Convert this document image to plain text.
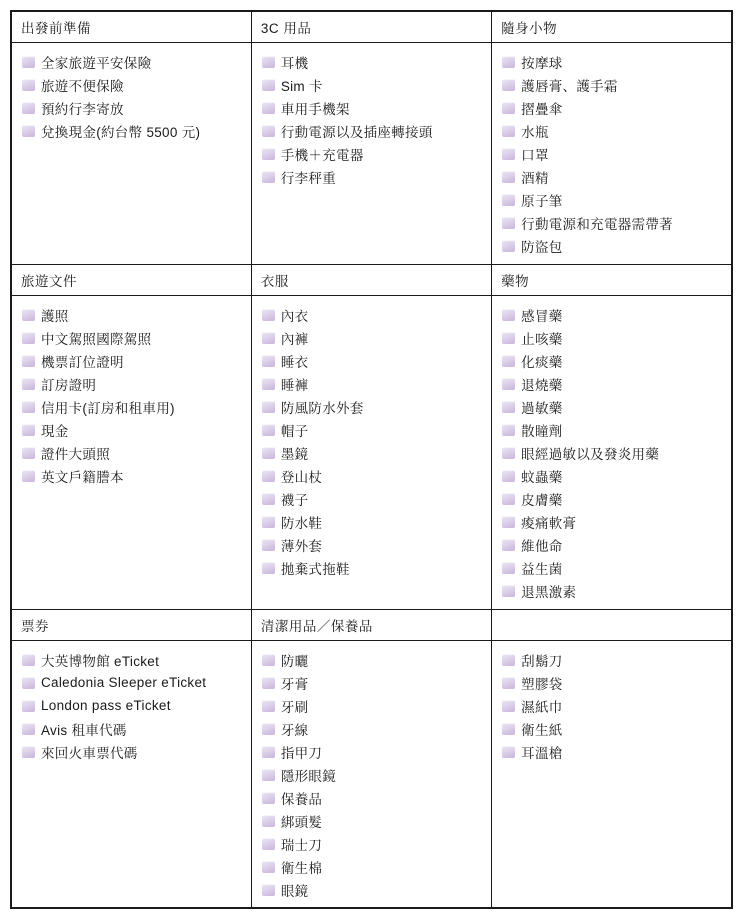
出發前準備	3C 用品	隨身小物

全家旅遊平安保險
旅遊不便保險
預約行李寄放
兌換現金(約台幣 5500 元)

耳機
Sim 卡
車用手機架
行動電源以及插座轉接頭
手機＋充電器
行李秤重

按摩球
護唇膏、護手霜
摺疊傘
水瓶
口罩
酒精
原子筆
行動電源和充電器需帶著
防盜包

旅遊文件	衣服	藥物

護照
中文駕照國際駕照
機票訂位證明
訂房證明
信用卡(訂房和租車用)
現金
證件大頭照
英文戶籍謄本

內衣
內褲
睡衣
睡褲
防風防水外套
帽子
墨鏡
登山杖
襪子
防水鞋
薄外套
拋棄式拖鞋

感冒藥
止咳藥
化痰藥
退燒藥
過敏藥
散瞳劑
眼經過敏以及發炎用藥
蚊蟲藥
皮膚藥
痠痛軟膏
維他命
益生菌
退黑激素

票券	清潔用品／保養品	

大英博物館 eTicket
Caledonia Sleeper eTicket
London pass eTicket
Avis 租車代碼
來回火車票代碼

防曬
牙膏
牙刷
牙線
指甲刀
隱形眼鏡
保養品
綁頭髮
瑞士刀
衛生棉
眼鏡

刮鬍刀
塑膠袋
濕紙巾
衛生紙
耳溫槍
